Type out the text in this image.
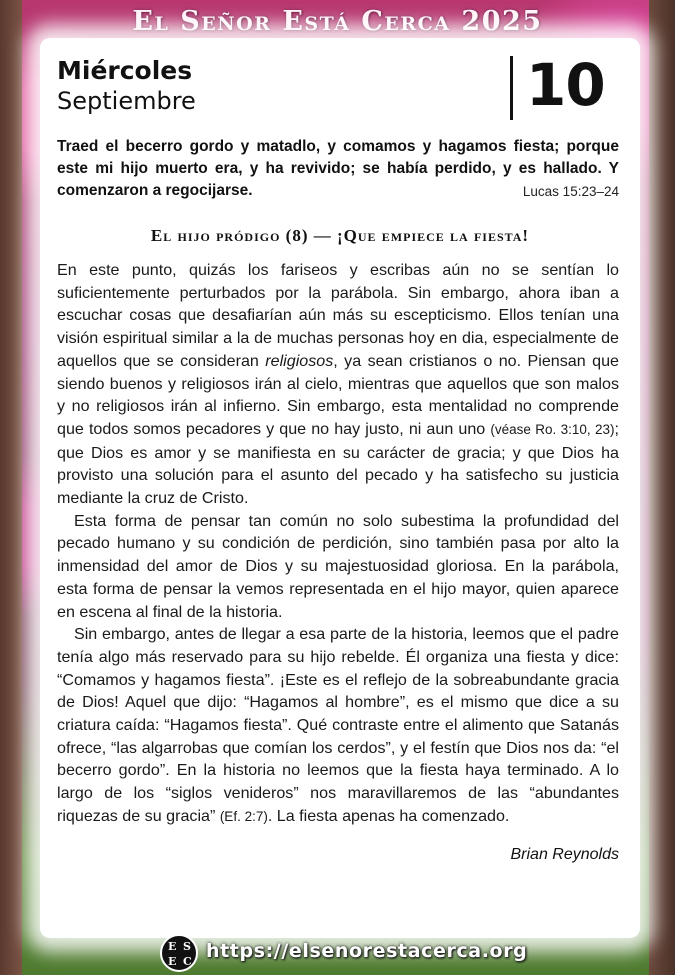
El Señor Está Cerca 2025
Miércoles
Septiembre	10
Traed el becerro gordo y matadlo, y comamos y hagamos fiesta; porque este mi hijo muerto era, y ha revivido; se había perdido, y es hallado. Y comenzaron a regocijarse.	Lucas 15:23–24
El hijo pródigo (8) — ¡Que empiece la fiesta!

En este punto, quizás los fariseos y escribas aún no se sentían lo suficientemente perturbados por la parábola. Sin embargo, ahora iban a escuchar cosas que desafiarían aún más su escepticismo. Ellos tenían una visión espiritual similar a la de muchas personas hoy en dia, especialmente de aquellos que se consideran religiosos, ya sean cristianos o no. Piensan que siendo buenos y religiosos irán al cielo, mientras que aquellos que son malos y no religiosos irán al infierno. Sin embargo, esta mentalidad no comprende que todos somos pecadores y que no hay justo, ni aun uno (véase Ro. 3:10, 23); que Dios es amor y se manifiesta en su carácter de gracia; y que Dios ha provisto una solución para el asunto del pecado y ha satisfecho su justicia mediante la cruz de Cristo.

Esta forma de pensar tan común no solo subestima la profundidad del pecado humano y su condición de perdición, sino también pasa por alto la inmensidad del amor de Dios y su majestuosidad gloriosa. En la parábola, esta forma de pensar la vemos representada en el hijo mayor, quien aparece en escena al final de la historia.

Sin embargo, antes de llegar a esa parte de la historia, leemos que el padre tenía algo más reservado para su hijo rebelde. Él organiza una fiesta y dice: “Comamos y hagamos fiesta”. ¡Este es el reflejo de la sobreabundante gracia de Dios! Aquel que dijo: “Hagamos al hombre”, es el mismo que dice a su criatura caída: “Hagamos fiesta”. Qué contraste entre el alimento que Satanás ofrece, “las algarrobas que comían los cerdos”, y el festín que Dios nos da: “el becerro gordo”. En la historia no leemos que la fiesta haya terminado. A lo largo de los “siglos venideros” nos maravillaremos de las “abundantes riquezas de su gracia” (Ef. 2:7). La fiesta apenas ha comenzado.

Brian Reynolds
E S
E C https://elsenorestacerca.org
